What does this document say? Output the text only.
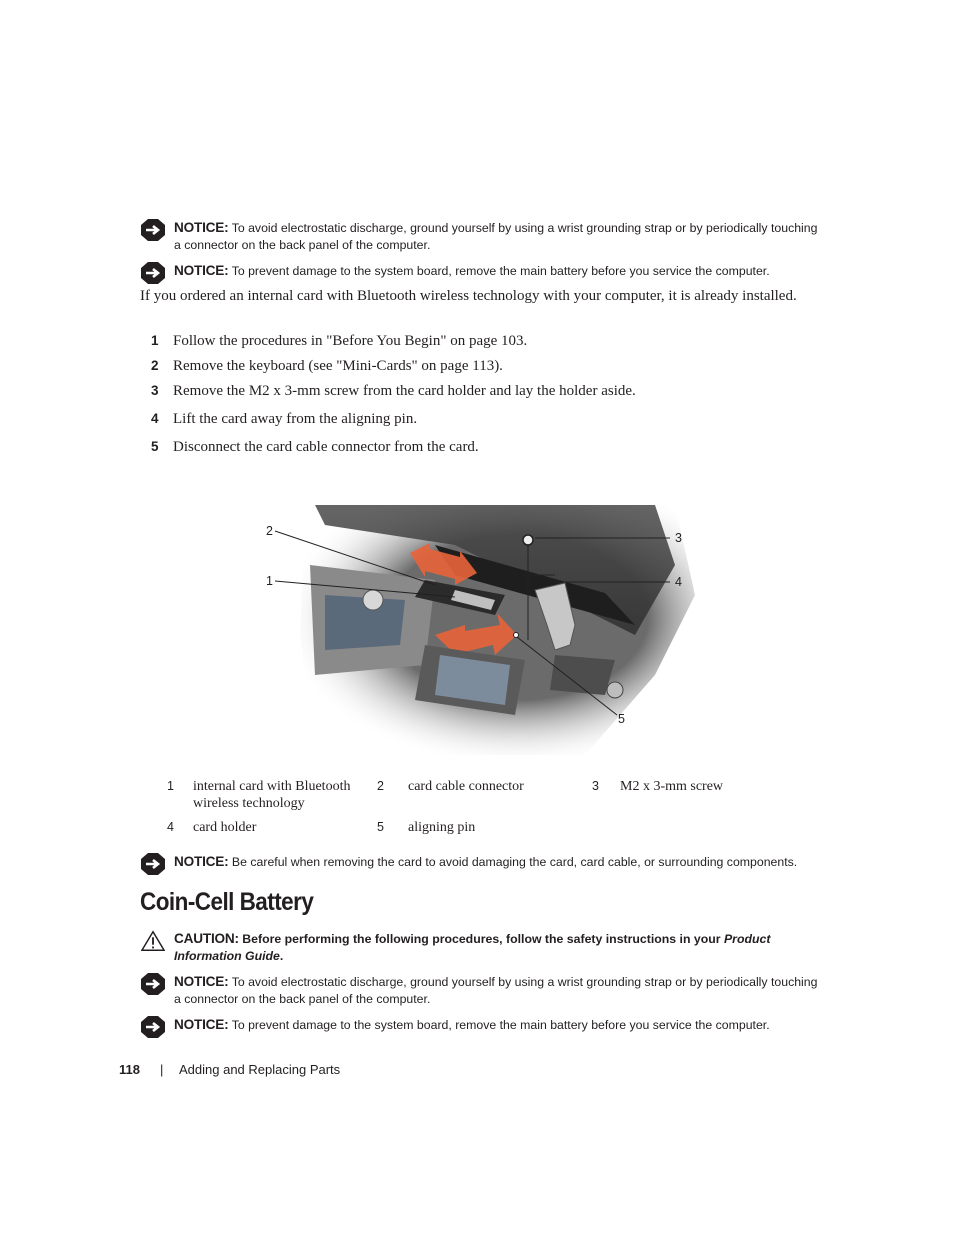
NOTICE: To avoid electrostatic discharge, ground yourself by using a wrist grounding strap or by periodically touching a connector on the back panel of the computer.
NOTICE: To prevent damage to the system board, remove the main battery before you service the computer.
If you ordered an internal card with Bluetooth wireless technology with your computer, it is already installed.
1 Follow the procedures in "Before You Begin" on page 103.
2 Remove the keyboard (see "Mini-Cards" on page 113).
3 Remove the M2 x 3-mm screw from the card holder and lay the holder aside.
4 Lift the card away from the aligning pin.
5 Disconnect the card cable connector from the card.
2
1
3
4
5
1 internal card with Bluetooth wireless technology
2 card cable connector	3 M2 x 3-mm screw
4 card holder	5 aligning pin
NOTICE: Be careful when removing the card to avoid damaging the card, card cable, or surrounding components.
Coin-Cell Battery
CAUTION: Before performing the following procedures, follow the safety instructions in your Product Information Guide.
NOTICE: To avoid electrostatic discharge, ground yourself by using a wrist grounding strap or by periodically touching a connector on the back panel of the computer.
NOTICE: To prevent damage to the system board, remove the main battery before you service the computer.
118 | Adding and Replacing Parts
